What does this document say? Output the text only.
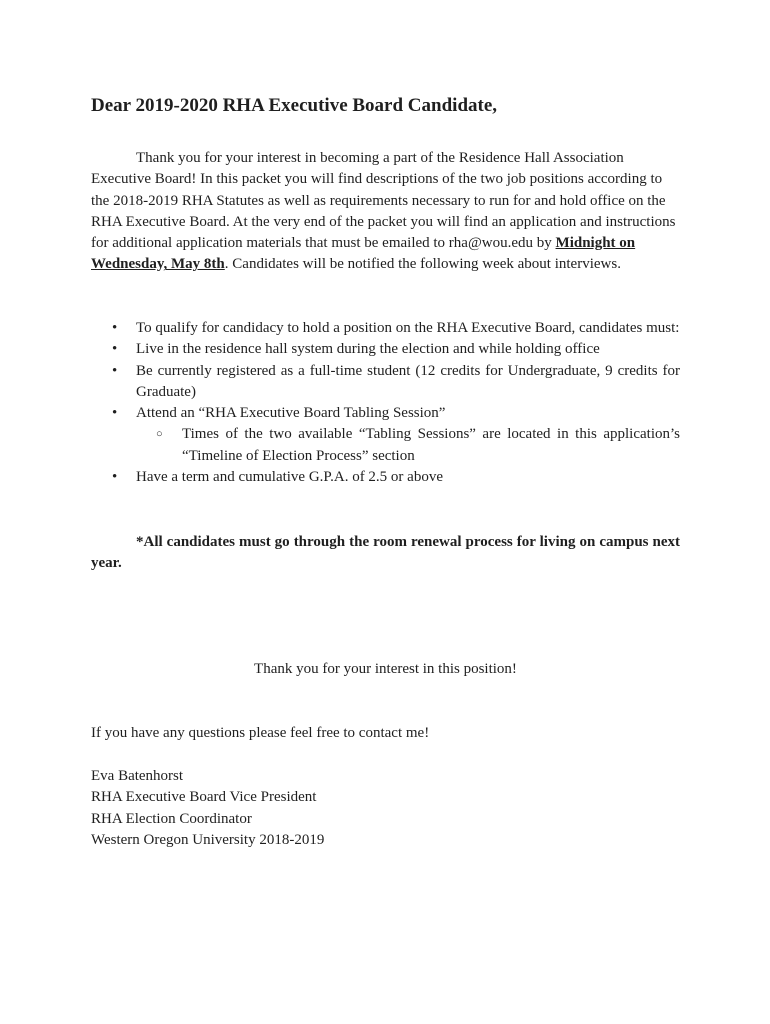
Dear 2019-2020 RHA Executive Board Candidate,

Thank you for your interest in becoming a part of the Residence Hall Association Executive Board! In this packet you will find descriptions of the two job positions according to the 2018-2019 RHA Statutes as well as requirements necessary to run for and hold office on the RHA Executive Board. At the very end of the packet you will find an application and instructions for additional application materials that must be emailed to rha@wou.edu by Midnight on Wednesday, May 8th. Candidates will be notified the following week about interviews.

• To qualify for candidacy to hold a position on the RHA Executive Board, candidates must:
• Live in the residence hall system during the election and while holding office
• Be currently registered as a full-time student (12 credits for Undergraduate, 9 credits for Graduate)
• Attend an “RHA Executive Board Tabling Session”
○ Times of the two available “Tabling Sessions” are located in this application’s “Timeline of Election Process” section
• Have a term and cumulative G.P.A. of 2.5 or above

*All candidates must go through the room renewal process for living on campus next year.

Thank you for your interest in this position!

If you have any questions please feel free to contact me!

Eva Batenhorst
RHA Executive Board Vice President
RHA Election Coordinator
Western Oregon University 2018-2019
